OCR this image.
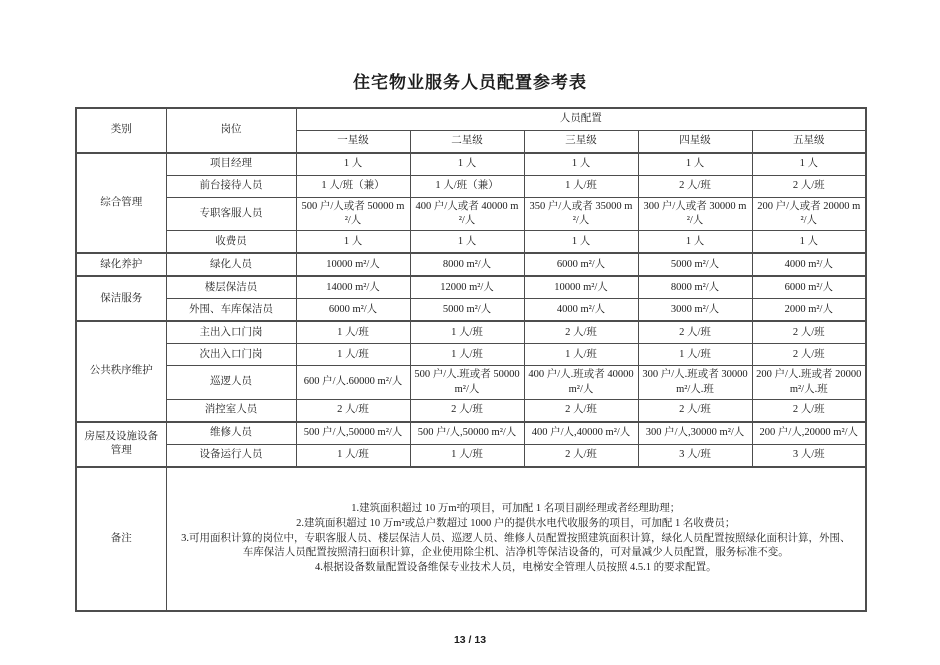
住宅物业服务人员配置参考表
类别	岗位	人员配置				
		一星级	二星级	三星级	四星级	五星级
综合管理	项目经理	1 人	1 人	1 人	1 人	1 人
	前台接待人员	1 人/班（兼）	1 人/班（兼）	1 人/班	2 人/班	2 人/班
	专职客服人员	500 户/人或者 50000 m²/人	400 户/人或者 40000 m²/人	350 户/人或者 35000 m²/人	300 户/人或者 30000 m²/人	200 户/人或者 20000 m²/人
	收费员	1 人	1 人	1 人	1 人	1 人
绿化养护	绿化人员	10000 m²/人	8000 m²/人	6000 m²/人	5000 m²/人	4000 m²/人
保洁服务	楼层保洁员	14000 m²/人	12000 m²/人	10000 m²/人	8000 m²/人	6000 m²/人
	外围、车库保洁员	6000 m²/人	5000 m²/人	4000 m²/人	3000 m²/人	2000 m²/人
公共秩序维护	主出入口门岗	1 人/班	1 人/班	2 人/班	2 人/班	2 人/班
	次出入口门岗	1 人/班	1 人/班	1 人/班	1 人/班	2 人/班
	巡逻人员	600 户/人.60000 m²/人	500 户/人.班或者 50000 m²/人	400 户/人.班或者 40000 m²/人	300 户/人.班或者 30000 m²/人.班	200 户/人.班或者 20000 m²/人.班
	消控室人员	2 人/班	2 人/班	2 人/班	2 人/班	2 人/班
房屋及设施设备管理	维修人员	500 户/人,50000 m²/人	500 户/人,50000 m²/人	400 户/人,40000 m²/人	300 户/人,30000 m²/人	200 户/人,20000 m²/人
	设备运行人员	1 人/班	1 人/班	2 人/班	3 人/班	3 人/班
备注	1.建筑面积超过 10 万m²的项目，可加配 1 名项目副经理或者经理助理；

2.建筑面积超过 10 万m²或总户数超过 1000 户的提供水电代收服务的项目，可加配 1 名收费员；

3.可用面积计算的岗位中，专职客服人员、楼层保洁人员、巡逻人员、维修人员配置按照建筑面积计算，绿化人员配置按照绿化面积计算，外围、车库保洁人员配置按照清扫面积计算，企业使用除尘机、洁净机等保洁设备的，可对量减少人员配置，服务标准不变。

4.根据设备数量配置设备维保专业技术人员，电梯安全管理人员按照 4.5.1 的要求配置。					

13 / 13
